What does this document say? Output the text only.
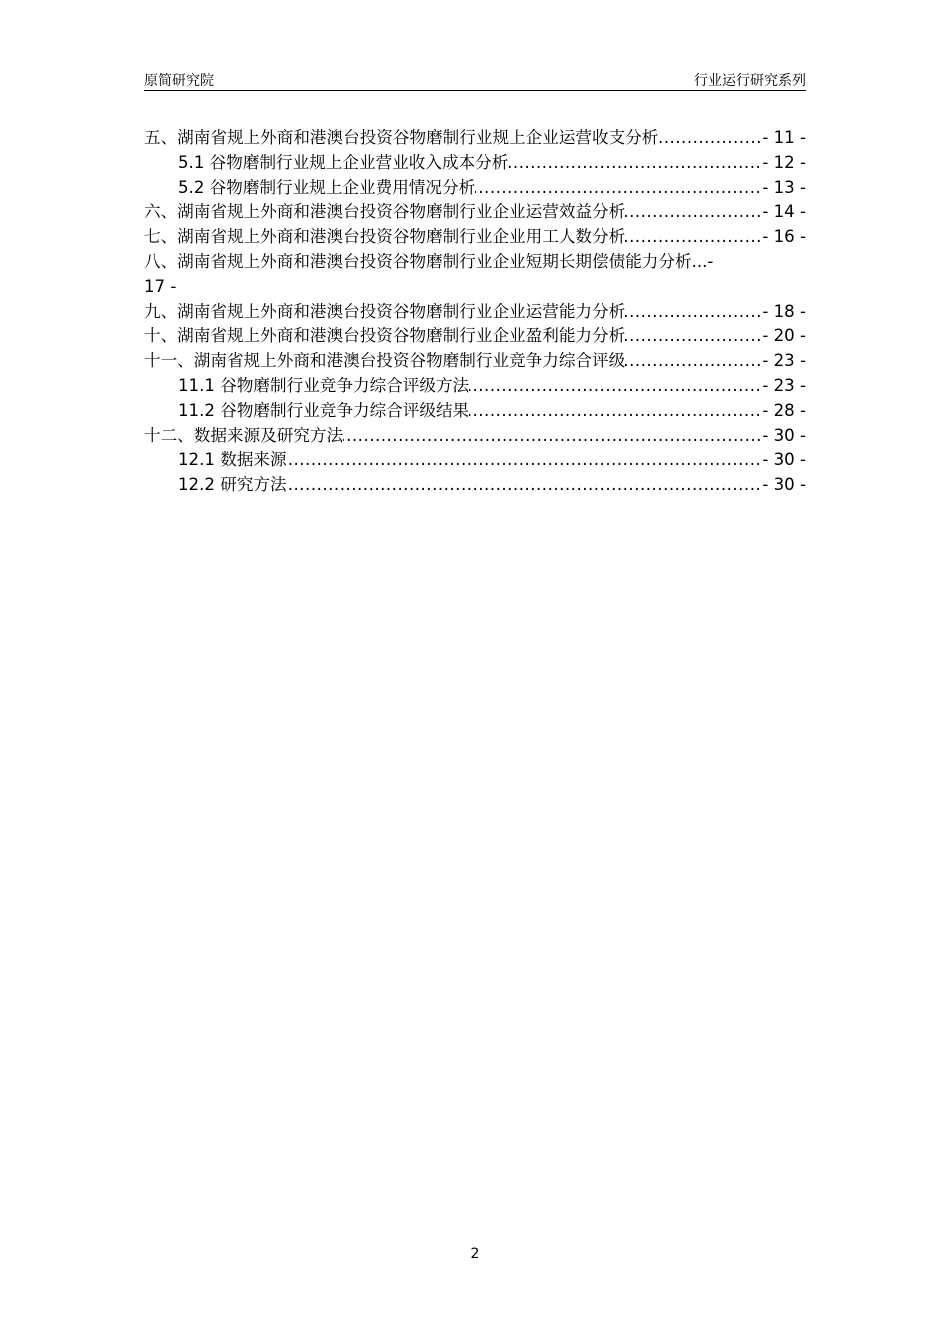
原简研究院	行业运行研究系列
.....
五、湖南省规上外商和港澳台投资谷物磨制行业规上企业运营收支分析	- 11 -
.....
5.1 谷物磨制行业规上企业营业收入成本分析	- 12 -
.....
5.2 谷物磨制行业规上企业费用情况分析	- 13 -
.....
六、湖南省规上外商和港澳台投资谷物磨制行业企业运营效益分析	- 14 -
.....
七、湖南省规上外商和港澳台投资谷物磨制行业企业用工人数分析	- 16 -
八、湖南省规上外商和港澳台投资谷物磨制行业企业短期长期偿债能力分析...-
17 -
.....
九、湖南省规上外商和港澳台投资谷物磨制行业企业运营能力分析	- 18 -
.....
十、湖南省规上外商和港澳台投资谷物磨制行业企业盈利能力分析	- 20 -
.....
十一、湖南省规上外商和港澳台投资谷物磨制行业竞争力综合评级	- 23 -
.....
11.1 谷物磨制行业竞争力综合评级方法	- 23 -
.....
11.2 谷物磨制行业竞争力综合评级结果	- 28 -
.....
十二、数据来源及研究方法	- 30 -
.....
12.1 数据来源	- 30 -
.....
12.2 研究方法	- 30 -
2
